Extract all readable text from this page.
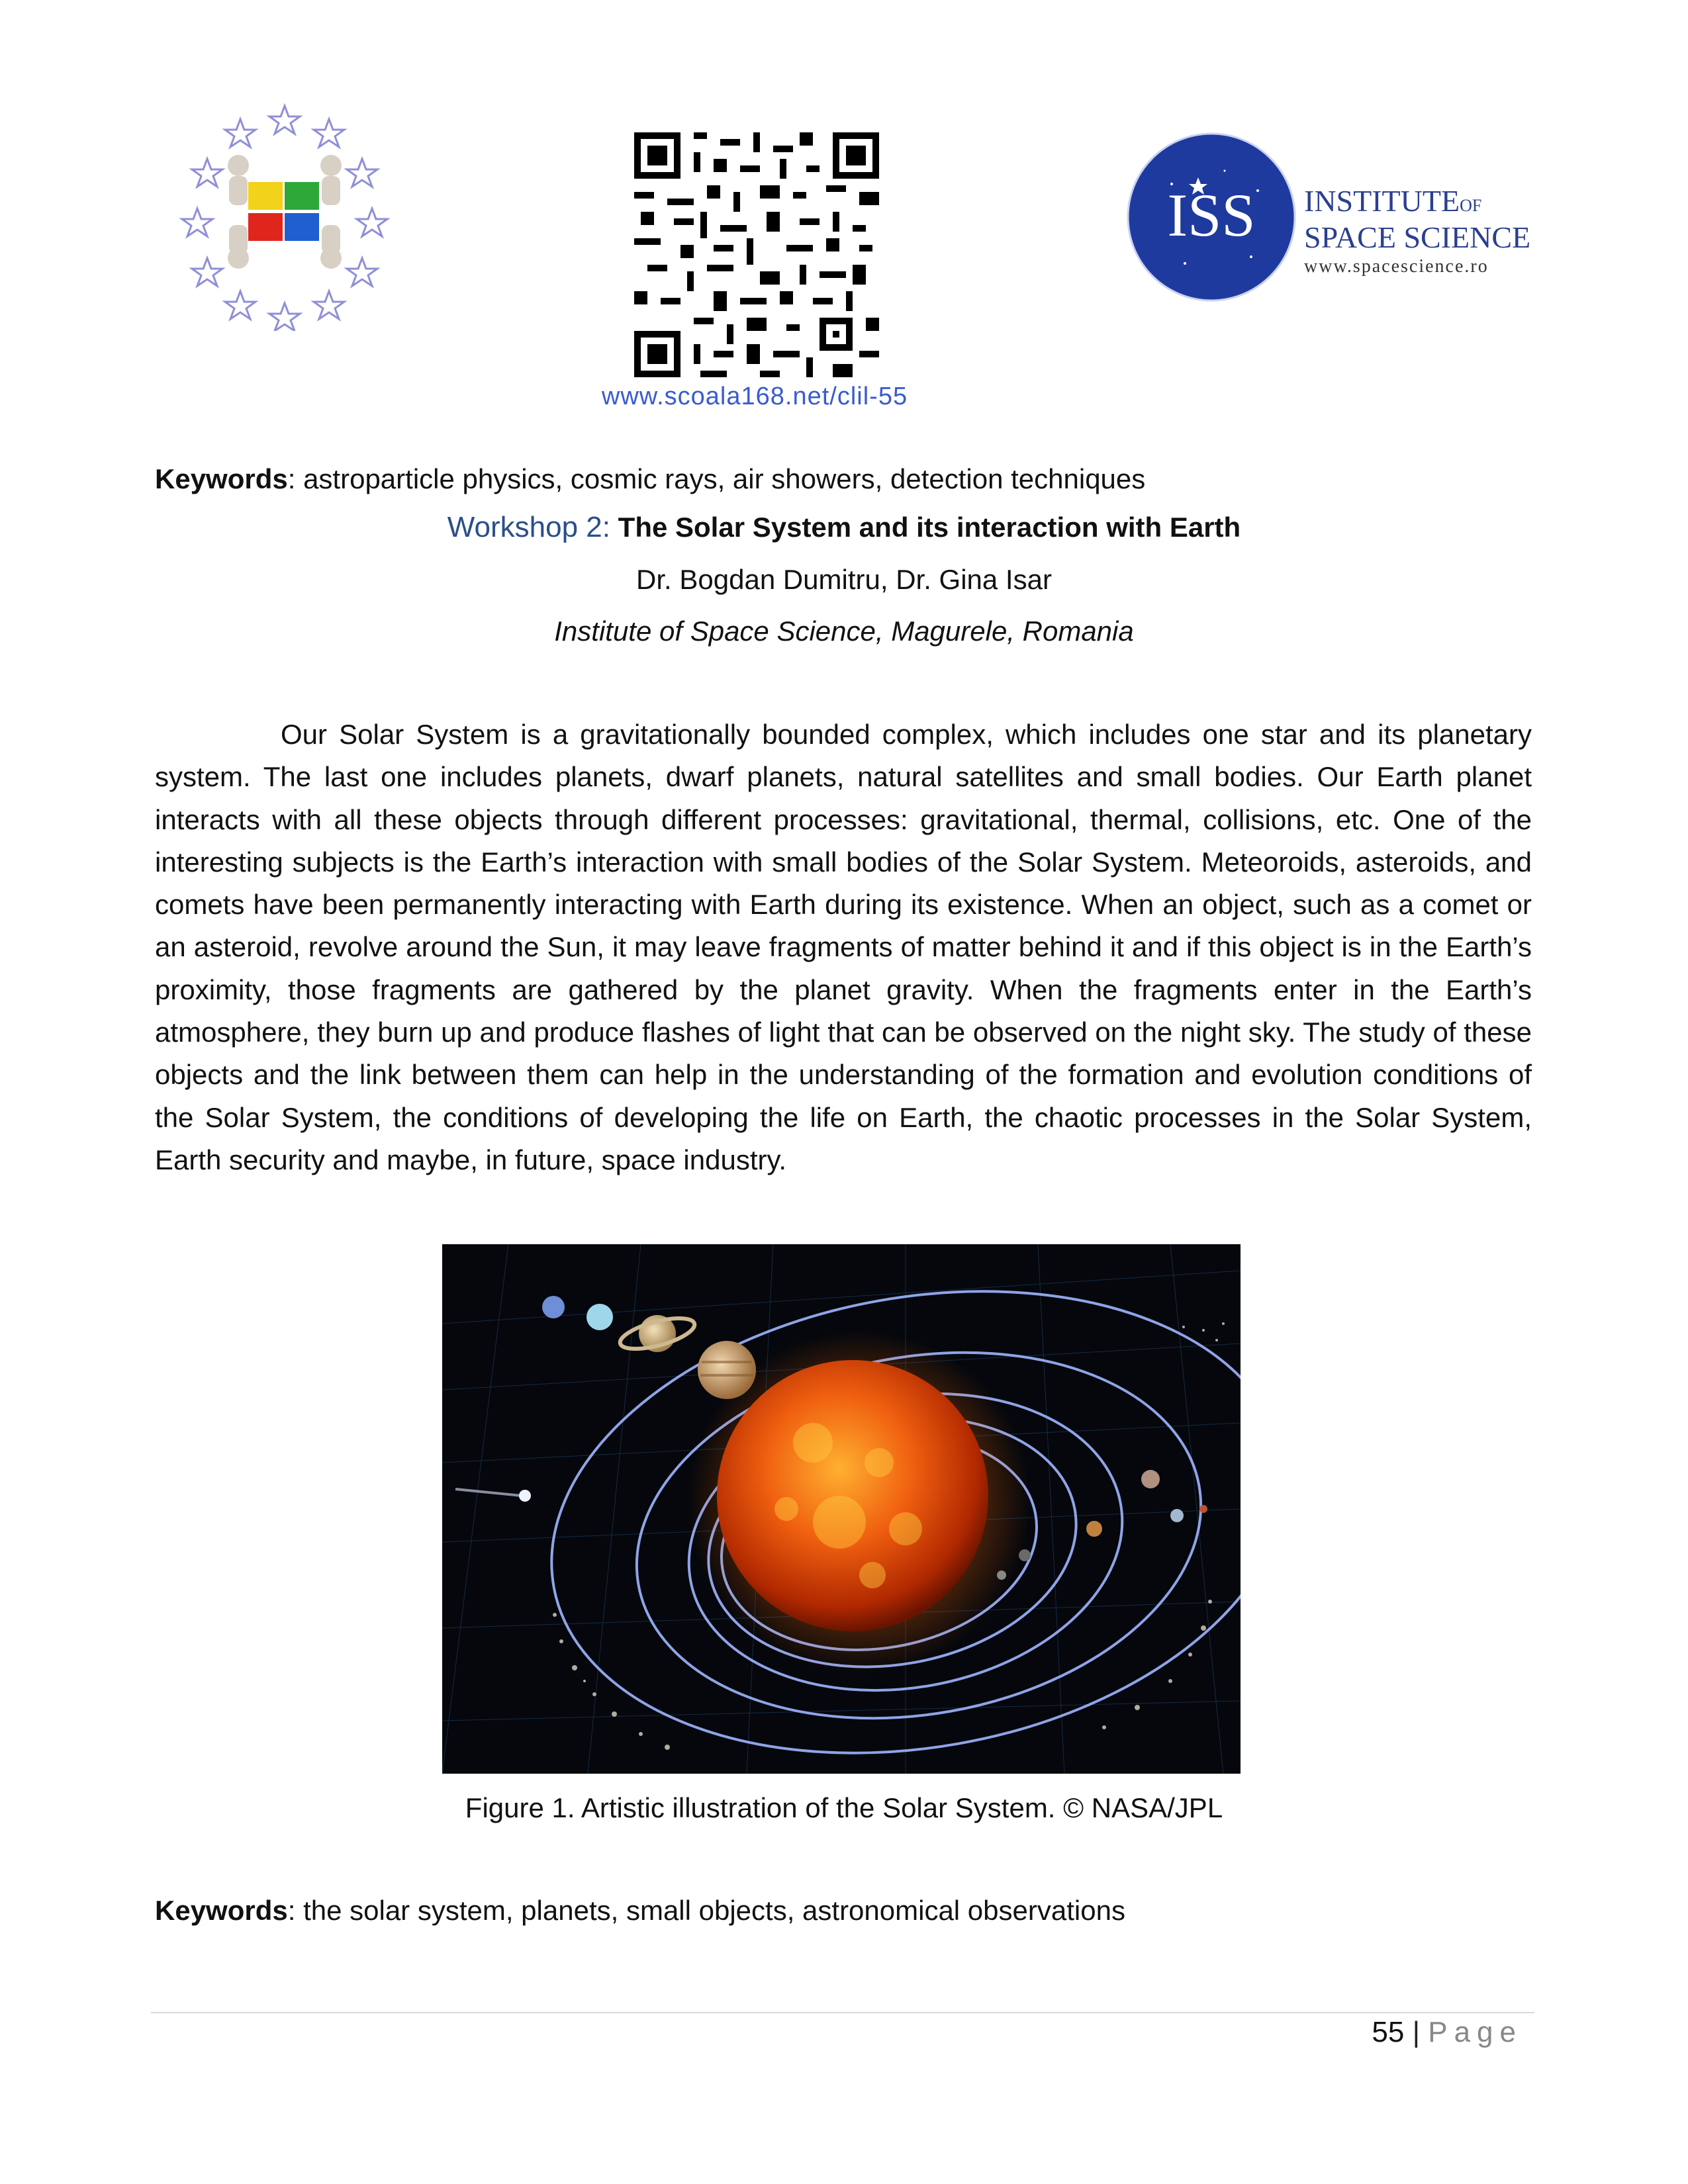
www.scoala168.net/clil-55
ISS INSTITUTEOF
SPACE SCIENCE
www.spacescience.ro
Keywords: astroparticle physics, cosmic rays, air showers, detection techniques
Workshop 2: The Solar System and its interaction with Earth
Dr. Bogdan Dumitru, Dr. Gina Isar
Institute of Space Science, Magurele, Romania
Our Solar System is a gravitationally bounded complex, which includes one star and its planetary system. The last one includes planets, dwarf planets, natural satellites and small bodies. Our Earth planet interacts with all these objects through different processes: gravitational, thermal, collisions, etc. One of the interesting subjects is the Earth’s interaction with small bodies of the Solar System. Meteoroids, asteroids, and comets have been permanently interacting with Earth during its existence. When an object, such as a comet or an asteroid, revolve around the Sun, it may leave fragments of matter behind it and if this object is in the Earth’s proximity, those fragments are gathered by the planet gravity. When the fragments enter in the Earth’s atmosphere, they burn up and produce flashes of light that can be observed on the night sky. The study of these objects and the link between them can help in the understanding of the formation and evolution conditions of the Solar System, the conditions of developing the life on Earth, the chaotic processes in the Solar System, Earth security and maybe, in future, space industry.
Figure 1. Artistic illustration of the Solar System. © NASA/JPL
Keywords: the solar system, planets, small objects, astronomical observations
55 | Page
